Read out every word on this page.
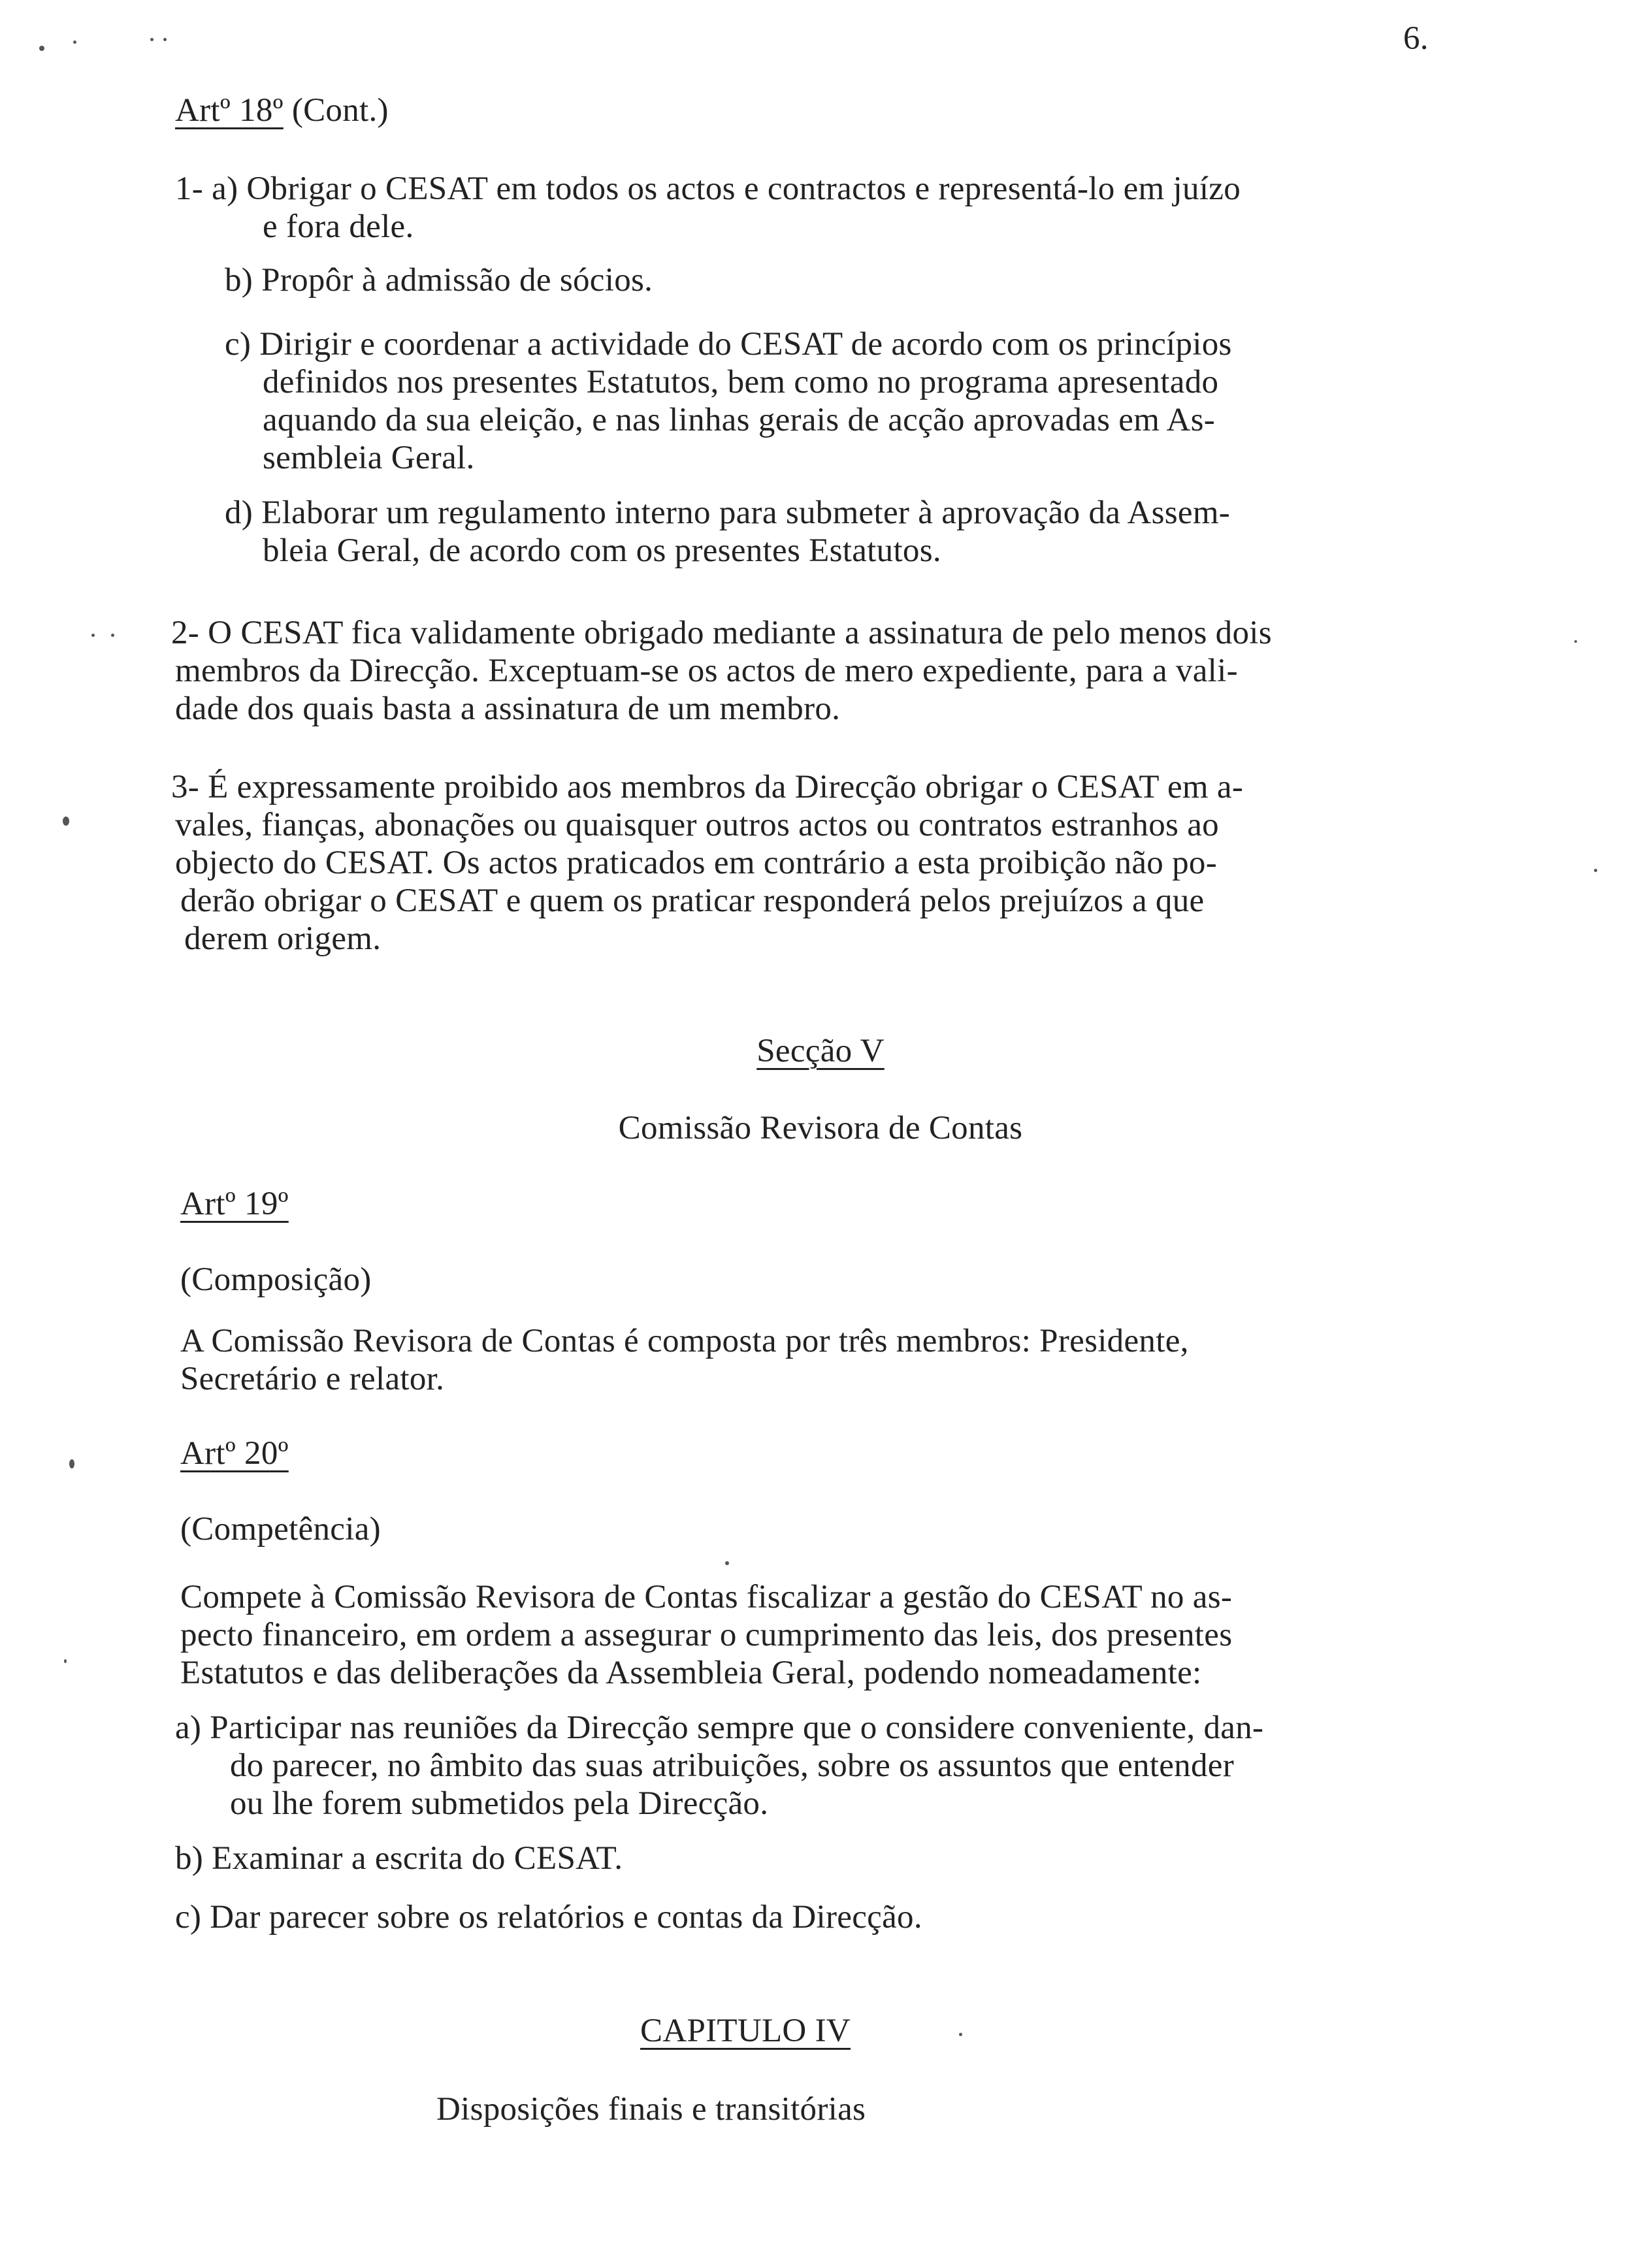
6.
Artº 18º (Cont.)
1- a) Obrigar o CESAT em todos os actos e contractos e representá-lo em juízo
e fora dele.
b) Propôr à admissão de sócios.
c) Dirigir e coordenar a actividade do CESAT de acordo com os princípios
definidos nos presentes Estatutos, bem como no programa apresentado
aquando da sua eleição, e nas linhas gerais de acção aprovadas em As-
sembleia Geral.
d) Elaborar um regulamento interno para submeter à aprovação da Assem-
bleia Geral, de acordo com os presentes Estatutos.
2- O CESAT fica validamente obrigado mediante a assinatura de pelo menos dois
membros da Direcção. Exceptuam-se os actos de mero expediente, para a vali-
dade dos quais basta a assinatura de um membro.
3- É expressamente proibido aos membros da Direcção obrigar o CESAT em a-
vales, fianças, abonações ou quaisquer outros actos ou contratos estranhos ao
objecto do CESAT. Os actos praticados em contrário a esta proibição não po-
derão obrigar o CESAT e quem os praticar responderá pelos prejuízos a que
derem origem.
Secção V
Comissão Revisora de Contas
Artº 19º
(Composição)
A Comissão Revisora de Contas é composta por três membros: Presidente,
Secretário e relator.
Artº 20º
(Competência)
Compete à Comissão Revisora de Contas fiscalizar a gestão do CESAT no as-
pecto financeiro, em ordem a assegurar o cumprimento das leis, dos presentes
Estatutos e das deliberações da Assembleia Geral, podendo nomeadamente:
a) Participar nas reuniões da Direcção sempre que o considere conveniente, dan-
do parecer, no âmbito das suas atribuições, sobre os assuntos que entender
ou lhe forem submetidos pela Direcção.
b) Examinar a escrita do CESAT.
c) Dar parecer sobre os relatórios e contas da Direcção.
CAPITULO IV
Disposições finais e transitórias
